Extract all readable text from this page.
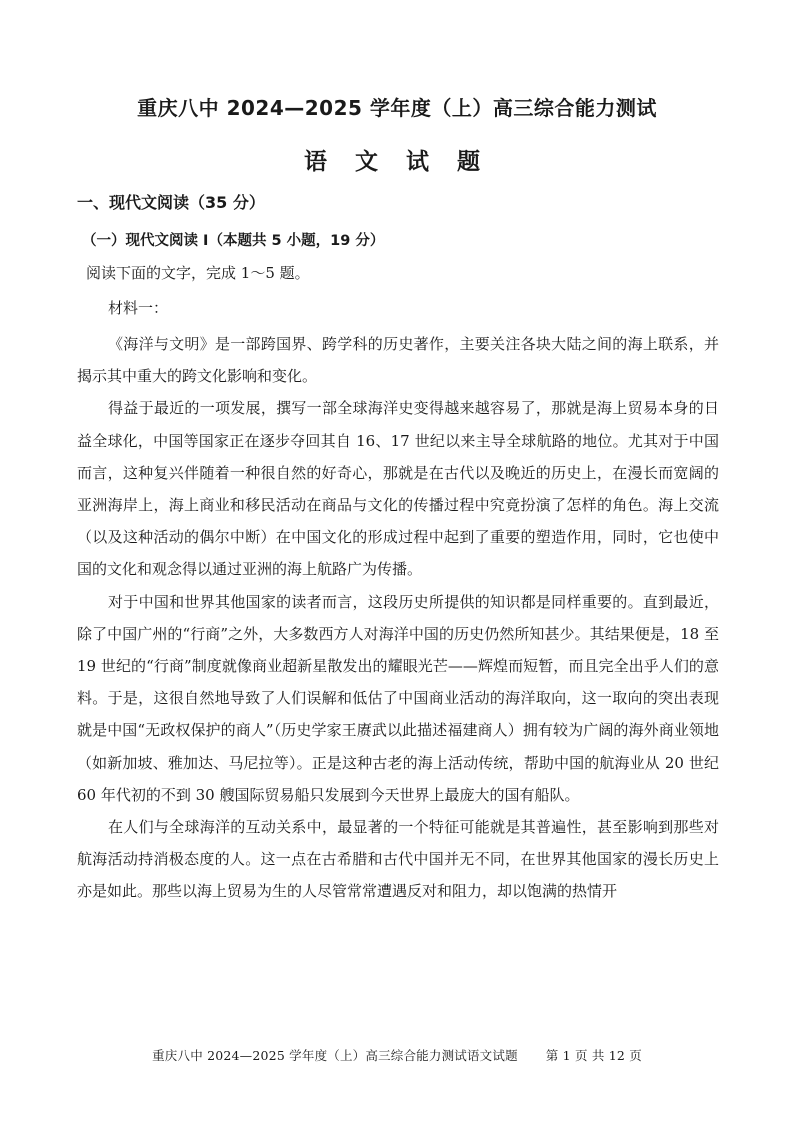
重庆八中 2024—2025 学年度（上）高三综合能力测试
语 文 试 题
一、现代文阅读（35 分）
（一）现代文阅读 I（本题共 5 小题，19 分）
阅读下面的文字，完成 1～5 题。
材料一：

《海洋与文明》是一部跨国界、跨学科的历史著作，主要关注各块大陆之间的海上联系，并揭示其中重大的跨文化影响和变化。

得益于最近的一项发展，撰写一部全球海洋史变得越来越容易了，那就是海上贸易本身的日益全球化，中国等国家正在逐步夺回其自 16、17 世纪以来主导全球航路的地位。尤其对于中国而言，这种复兴伴随着一种很自然的好奇心，那就是在古代以及晚近的历史上，在漫长而宽阔的亚洲海岸上，海上商业和移民活动在商品与文化的传播过程中究竟扮演了怎样的角色。海上交流（以及这种活动的偶尔中断）在中国文化的形成过程中起到了重要的塑造作用，同时，它也使中国的文化和观念得以通过亚洲的海上航路广为传播。

对于中国和世界其他国家的读者而言，这段历史所提供的知识都是同样重要的。直到最近，除了中国广州的“行商”之外，大多数西方人对海洋中国的历史仍然所知甚少。其结果便是，18 至 19 世纪的“行商”制度就像商业超新星散发出的耀眼光芒——辉煌而短暂，而且完全出乎人们的意料。于是，这很自然地导致了人们误解和低估了中国商业活动的海洋取向，这一取向的突出表现就是中国“无政权保护的商人”（历史学家王赓武以此描述福建商人）拥有较为广阔的海外商业领地（如新加坡、雅加达、马尼拉等）。正是这种古老的海上活动传统，帮助中国的航海业从 20 世纪 60 年代初的不到 30 艘国际贸易船只发展到今天世界上最庞大的国有船队。

在人们与全球海洋的互动关系中，最显著的一个特征可能就是其普遍性，甚至影响到那些对航海活动持消极态度的人。这一点在古希腊和古代中国并无不同，在世界其他国家的漫长历史上亦是如此。那些以海上贸易为生的人尽管常常遭遇反对和阻力，却以饱满的热情开

重庆八中 2024—2025 学年度（上）高三综合能力测试语文试题 第 1 页 共 12 页
